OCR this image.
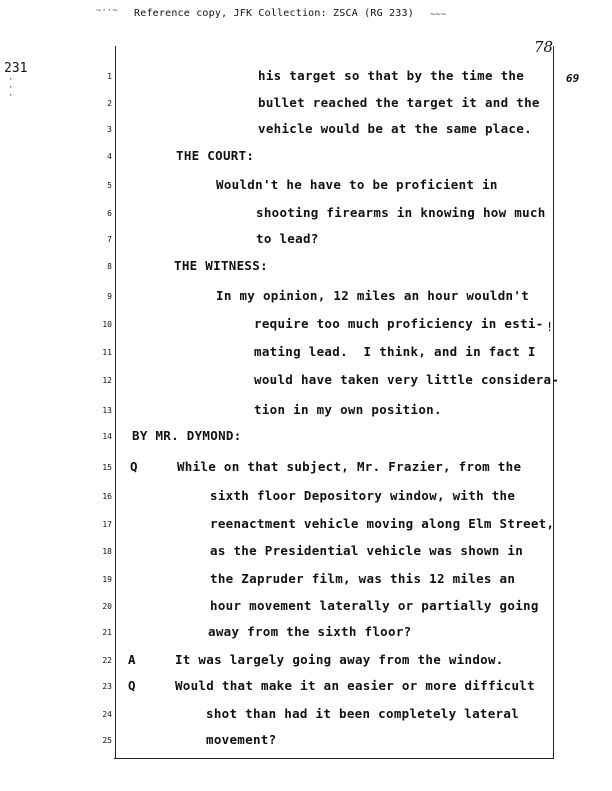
~··~ Reference copy, JFK Collection: ZSCA (RG 233) ~~~
231
·
·
·
78
69
!
1	his target so that by the time the
2	bullet reached the target it and the
3	vehicle would be at the same place.
4	THE COURT:
5	Wouldn't he have to be proficient in
6	shooting firearms in knowing how much
7	to lead?
8	THE WITNESS:
9	In my opinion, 12 miles an hour wouldn't
10	require too much proficiency in esti-
11	mating lead.  I think, and in fact I
12	would have taken very little considera-
13	tion in my own position.
14 BY MR. DYMOND:
15 Q     While on that subject, Mr. Frazier, from the
16	sixth floor Depository window, with the
17	reenactment vehicle moving along Elm Street,
18	as the Presidential vehicle was shown in
19	the Zapruder film, was this 12 miles an
20	hour movement laterally or partially going
21	away from the sixth floor?
22 A     It was largely going away from the window.
23 Q     Would that make it an easier or more difficult
24	shot than had it been completely lateral
25	movement?
